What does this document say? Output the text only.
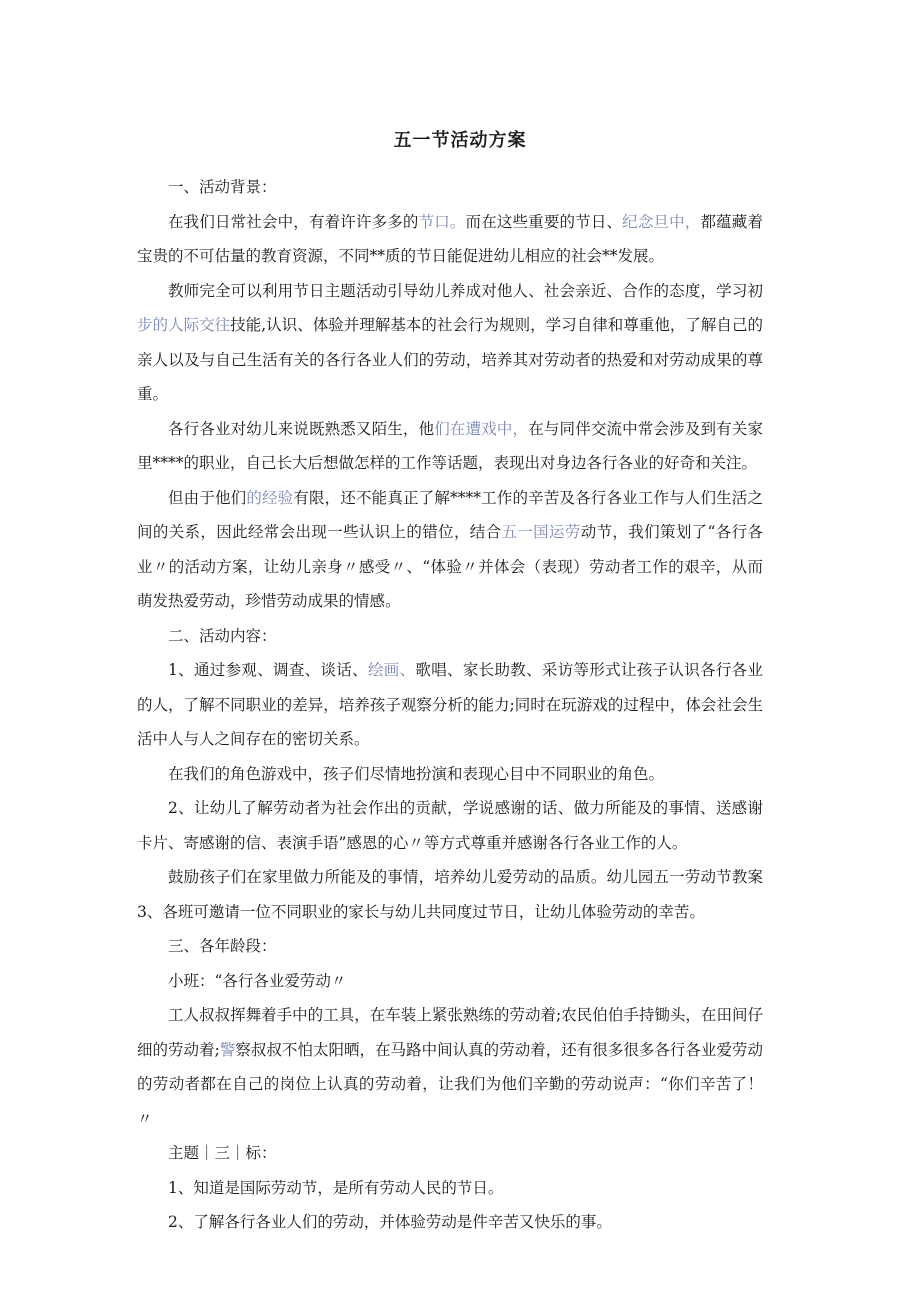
五一节活动方案

一、活动背景：

在我们日常社会中，有着许许多多的节口。而在这些重要的节日、纪念旦中，都蕴藏着宝贵的不可估量的教育资源，不同**质的节日能促进幼儿相应的社会**发展。

教师完全可以利用节日主题活动引导幼儿养成对他人、社会亲近、合作的态度，学习初步的人际交往技能,认识、体验并理解基本的社会行为规则，学习自律和尊重他，了解自己的亲人以及与自己生活有关的各行各业人们的劳动，培养其对劳动者的热爱和对劳动成果的尊重。

各行各业对幼儿来说既熟悉又陌生，他们在遭戏中，在与同伴交流中常会涉及到有关家里****的职业，自己长大后想做怎样的工作等话题，表现出对身边各行各业的好奇和关注。

但由于他们的经验有限，还不能真正了解****工作的辛苦及各行各业工作与人们生活之间的关系，因此经常会出现一些认识上的错位，结合五一国运劳动节，我们策划了“各行各业〃的活动方案，让幼儿亲身〃感受〃、“体验〃并体会（表现）劳动者工作的艰辛，从而萌发热爱劳动，珍惜劳动成果的情感。

二、活动内容：

1、通过参观、调查、谈话、绘画、歌唱、家长助教、采访等形式让孩子认识各行各业的人，了解不同职业的差异，培养孩子观察分析的能力;同时在玩游戏的过程中，体会社会生活中人与人之间存在的密切关系。

在我们的角色游戏中，孩子们尽情地扮演和表现心目中不同职业的角色。

2、让幼儿了解劳动者为社会作出的贡献，学说感谢的话、做力所能及的事情、送感谢卡片、寄感谢的信、表演手语”感恩的心〃等方式尊重并感谢各行各业工作的人。

鼓励孩子们在家里做力所能及的事情，培养幼儿爱劳动的品质。幼儿园五一劳动节教案3、各班可邀请一位不同职业的家长与幼儿共同度过节日，让幼儿体验劳动的幸苦。

三、各年龄段：

小班：“各行各业爱劳动〃

工人叔叔挥舞着手中的工具，在车装上紧张熟练的劳动着;农民伯伯手持锄头，在田间仔细的劳动着;警察叔叔不怕太阳晒，在马路中间认真的劳动着，还有很多很多各行各业爱劳动的劳动者都在自己的岗位上认真的劳动着，让我们为他们辛勤的劳动说声：“你们辛苦了！〃

主题｜三｜标：

1、知道是国际劳动节，是所有劳动人民的节日。

2、了解各行各业人们的劳动，并体验劳动是件辛苦又快乐的事。
